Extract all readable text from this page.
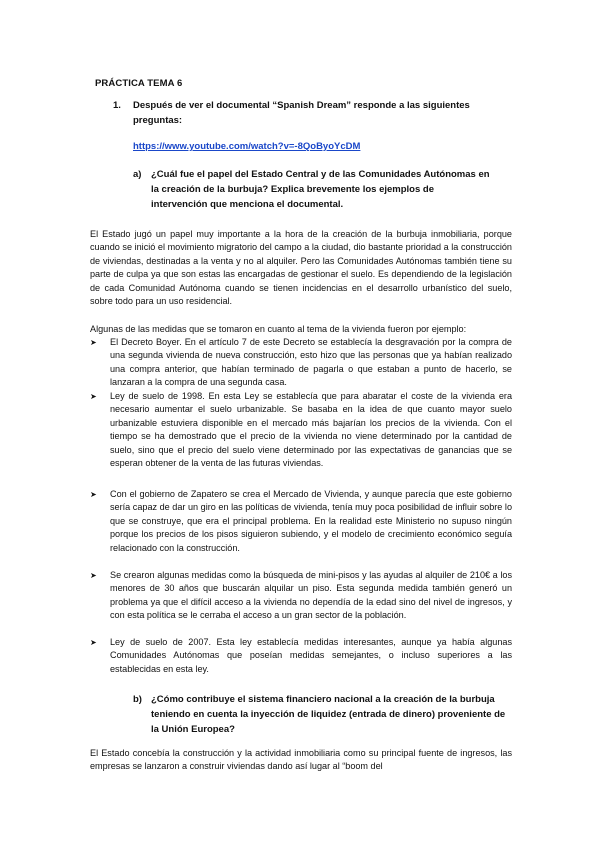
PRÁCTICA TEMA 6
1. Después de ver el documental “Spanish Dream” responde a las siguientes preguntas:
https://www.youtube.com/watch?v=-8QoByoYcDM
a) ¿Cuál fue el papel del Estado Central y de las Comunidades Autónomas en la creación de la burbuja? Explica brevemente los ejemplos de intervención que menciona el documental.
El Estado jugó un papel muy importante a la hora de la creación de la burbuja inmobiliaria, porque cuando se inició el movimiento migratorio del campo a la ciudad, dio bastante prioridad a la construcción de viviendas, destinadas a la venta y no al alquiler. Pero las Comunidades Autónomas también tiene su parte de culpa ya que son estas las encargadas de gestionar el suelo. Es dependiendo de la legislación de cada Comunidad Autónoma cuando se tienen incidencias en el desarrollo urbanístico del suelo, sobre todo para un uso residencial.
Algunas de las medidas que se tomaron en cuanto al tema de la vivienda fueron por ejemplo:
➤ El Decreto Boyer. En el artículo 7 de este Decreto se establecía la desgravación por la compra de una segunda vivienda de nueva construcción, esto hizo que las personas que ya habían realizado una compra anterior, que habían terminado de pagarla o que estaban a punto de hacerlo, se lanzaran a la compra de una segunda casa.
➤ Ley de suelo de 1998. En esta Ley se establecía que para abaratar el coste de la vivienda era necesario aumentar el suelo urbanizable. Se basaba en la idea de que cuanto mayor suelo urbanizable estuviera disponible en el mercado más bajarían los precios de la vivienda. Con el tiempo se ha demostrado que el precio de la vivienda no viene determinado por la cantidad de suelo, sino que el precio del suelo viene determinado por las expectativas de ganancias que se esperan obtener de la venta de las futuras viviendas.
➤ Con el gobierno de Zapatero se crea el Mercado de Vivienda, y aunque parecía que este gobierno sería capaz de dar un giro en las políticas de vivienda, tenía muy poca posibilidad de influir sobre lo que se construye, que era el principal problema. En la realidad este Ministerio no supuso ningún porque los precios de los pisos siguieron subiendo, y el modelo de crecimiento económico seguía relacionado con la construcción.
➤ Se crearon algunas medidas como la búsqueda de mini-pisos y las ayudas al alquiler de 210€ a los menores de 30 años que buscarán alquilar un piso. Esta segunda medida también generó un problema ya que el difícil acceso a la vivienda no dependía de la edad sino del nivel de ingresos, y con esta política se le cerraba el acceso a un gran sector de la población.
➤ Ley de suelo de 2007. Esta ley establecía medidas interesantes, aunque ya había algunas Comunidades Autónomas que poseían medidas semejantes, o incluso superiores a las establecidas en esta ley.
b) ¿Cómo contribuye el sistema financiero nacional a la creación de la burbuja teniendo en cuenta la inyección de liquidez (entrada de dinero) proveniente de la Unión Europea?
El Estado concebía la construcción y la actividad inmobiliaria como su principal fuente de ingresos, las empresas se lanzaron a construir viviendas dando así lugar al “boom del
